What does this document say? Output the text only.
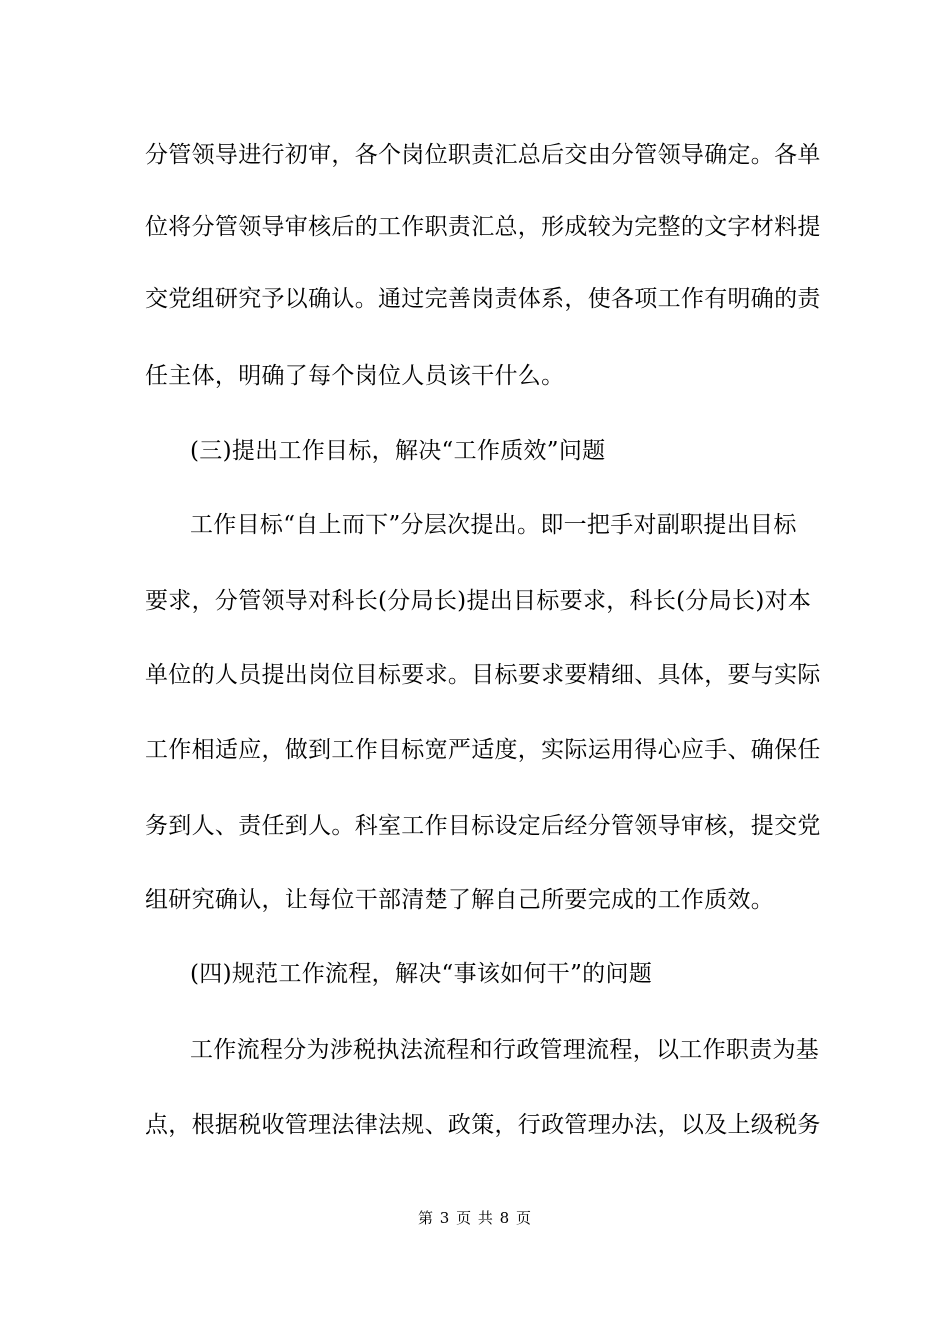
分管领导进行初审，各个岗位职责汇总后交由分管领导确定。各单
位将分管领导审核后的工作职责汇总，形成较为完整的文字材料提
交党组研究予以确认。通过完善岗责体系，使各项工作有明确的责
任主体，明确了每个岗位人员该干什么。
(三)提出工作目标，解决“工作质效”问题
工作目标“自上而下”分层次提出。即一把手对副职提出目标
要求，分管领导对科长(分局长)提出目标要求，科长(分局长)对本
单位的人员提出岗位目标要求。目标要求要精细、具体，要与实际
工作相适应，做到工作目标宽严适度，实际运用得心应手、确保任
务到人、责任到人。科室工作目标设定后经分管领导审核，提交党
组研究确认，让每位干部清楚了解自己所要完成的工作质效。
(四)规范工作流程，解决“事该如何干”的问题
工作流程分为涉税执法流程和行政管理流程，以工作职责为基
点，根据税收管理法律法规、政策，行政管理办法，以及上级税务
第 3 页 共 8 页
